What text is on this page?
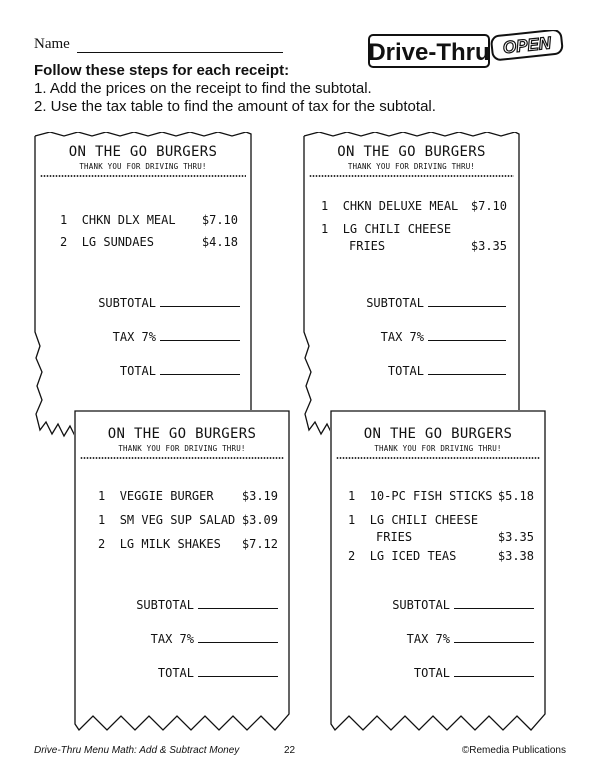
Name	Drive-Thru OPEN
Follow these steps for each receipt:
1. Add the prices on the receipt to find the subtotal.
2. Use the tax table to find the amount of tax for the subtotal.
ON THE GO BURGERS
THANK YOU FOR DRIVING THRU!
1 CHKN DLX MEAL $7.10
2 LG SUNDAES	$4.18
SUBTOTAL
TAX 7%
TOTAL
ON THE GO BURGERS
THANK YOU FOR DRIVING THRU!
1 CHKN DELUXE MEAL $7.10
1 LG CHILI CHEESE
FRIES	$3.35
SUBTOTAL
TAX 7%
TOTAL
ON THE GO BURGERS
THANK YOU FOR DRIVING THRU!
1 VEGGIE BURGER $3.19
1 SM VEG SUP SALAD $3.09
2 LG MILK SHAKES $7.12
SUBTOTAL
TAX 7%
TOTAL
ON THE GO BURGERS
THANK YOU FOR DRIVING THRU!
1 10-PC FISH STICKS $5.18
1 LG CHILI CHEESE
FRIES	$3.35
2 LG ICED TEAS	$3.38
SUBTOTAL
TAX 7%
TOTAL
Drive-Thru Menu Math: Add & Subtract Money	22	©Remedia Publications
